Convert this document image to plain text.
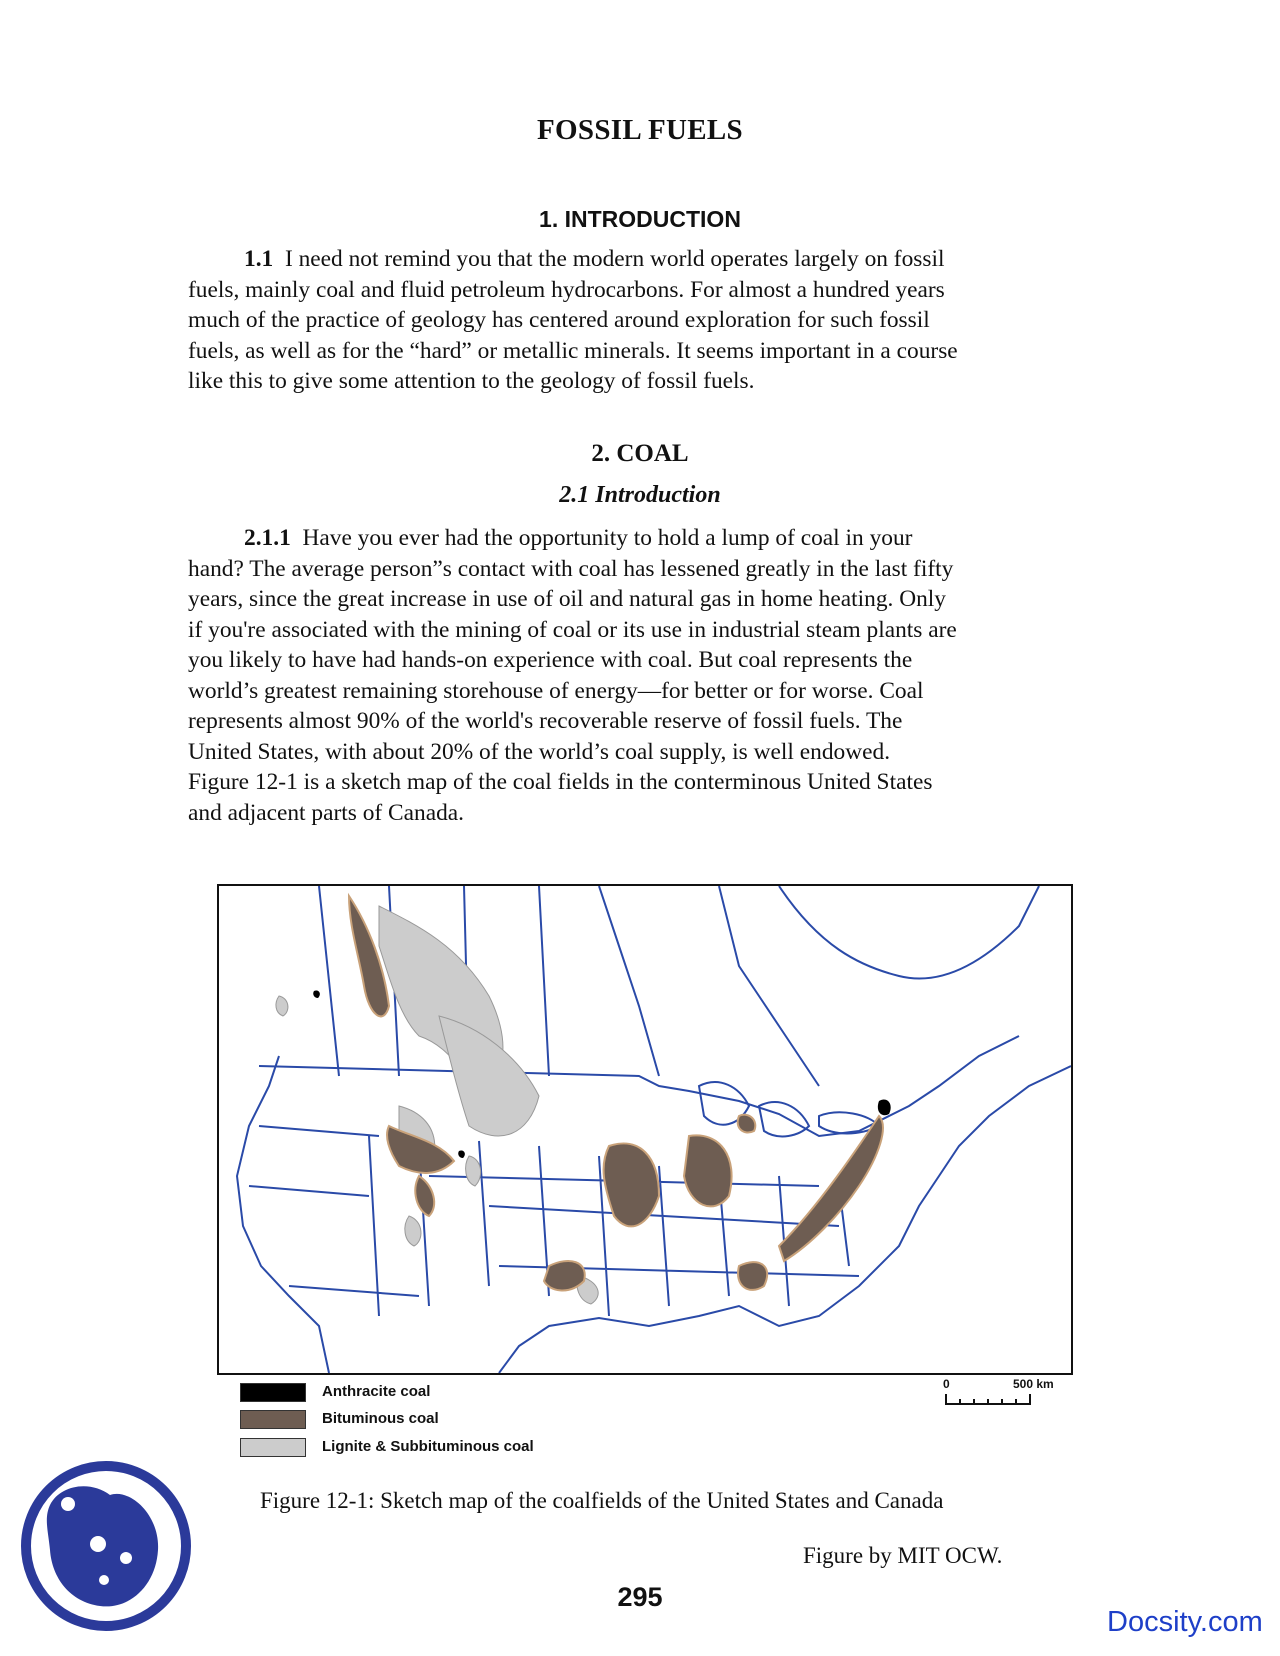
FOSSIL FUELS
1. INTRODUCTION
1.1 I need not remind you that the modern world operates largely on fossil
fuels, mainly coal and fluid petroleum hydrocarbons. For almost a hundred years
much of the practice of geology has centered around exploration for such fossil
fuels, as well as for the “hard” or metallic minerals. It seems important in a course
like this to give some attention to the geology of fossil fuels.
2. COAL
2.1 Introduction
2.1.1 Have you ever had the opportunity to hold a lump of coal in your
hand? The average person”s contact with coal has lessened greatly in the last fifty
years, since the great increase in use of oil and natural gas in home heating. Only
if you're associated with the mining of coal or its use in industrial steam plants are
you likely to have had hands-on experience with coal. But coal represents the
world’s greatest remaining storehouse of energy—for better or for worse. Coal
represents almost 90% of the world's recoverable reserve of fossil fuels. The
United States, with about 20% of the world’s coal supply, is well endowed.
Figure 12-1 is a sketch map of the coal fields in the conterminous United States
and adjacent parts of Canada.
Anthracite coal
Bituminous coal
Lignite & Subbituminous coal
0	500 km
Figure 12-1: Sketch map of the coalfields of the United States and Canada
Figure by MIT OCW.
295
Docsity.com
